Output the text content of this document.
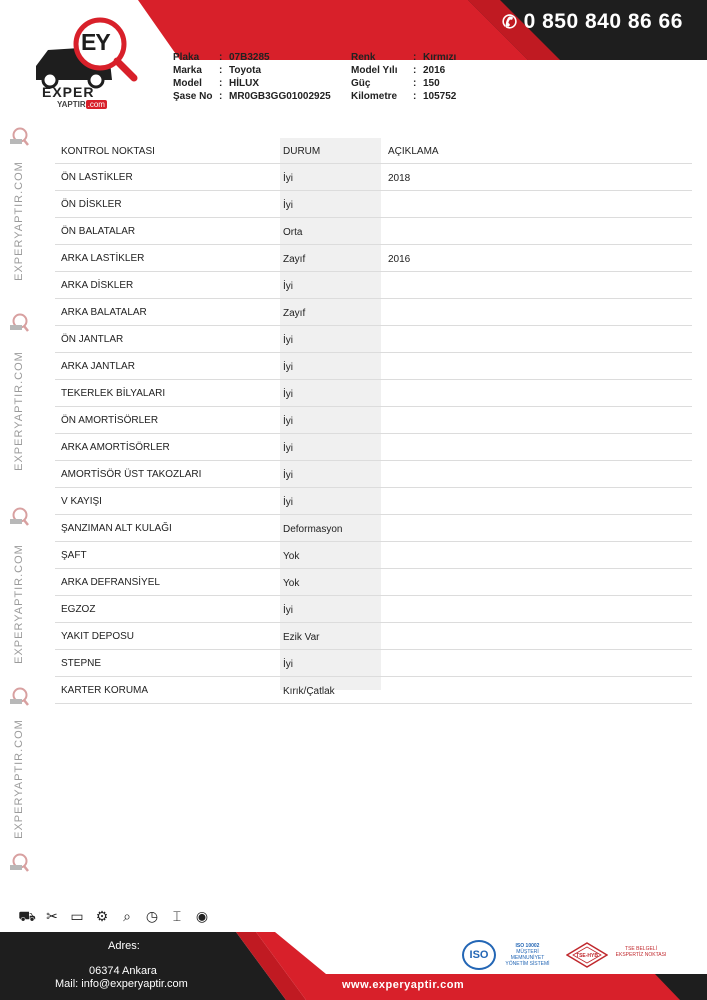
✆ 0 850 840 86 66
EY
EXPER
YAPTIR .com
Plaka	: 07B3285
Marka	: Toyota
Model	: HİLUX
Şase No : MR0GB3GG01002925
Renk	: Kırmızı
Model Yılı	: 2016
Güç	: 150
Kilometre	: 105752
EXPERYAPTIR.COM
EXPERYAPTIR.COM
EXPERYAPTIR.COM
EXPERYAPTIR.COM
KONTROL NOKTASI	DURUM	AÇIKLAMA
ÖN LASTİKLER	İyi	2018
ÖN DİSKLER	İyi
ÖN BALATALAR	Orta
ARKA LASTİKLER	Zayıf	2016
ARKA DİSKLER	İyi
ARKA BALATALAR	Zayıf
ÖN JANTLAR	İyi
ARKA JANTLAR	İyi
TEKERLEK BİLYALARI	İyi
ÖN AMORTİSÖRLER	İyi
ARKA AMORTİSÖRLER	İyi
AMORTİSÖR ÜST TAKOZLARI	İyi
V KAYIŞI	İyi
ŞANZIMAN ALT KULAĞI	Deformasyon
ŞAFT	Yok
ARKA DEFRANSİYEL	Yok
EGZOZ	İyi
YAKIT DEPOSU	Ezik Var
STEPNE	İyi
KARTER KORUMA	Kırık/Çatlak
⛟ ✂ ▭ ⚙	⌕	◷	⌶	◉
Adres:
06374 Ankara
Mail: info@experyaptir.com	www.experyaptir.com
ISO
ISO 10002
MÜŞTERİ MEMNUNİYET YÖNETİM SİSTEMİ
TSE-HYB
TSE BELGELİ EKSPERTİZ NOKTASI
